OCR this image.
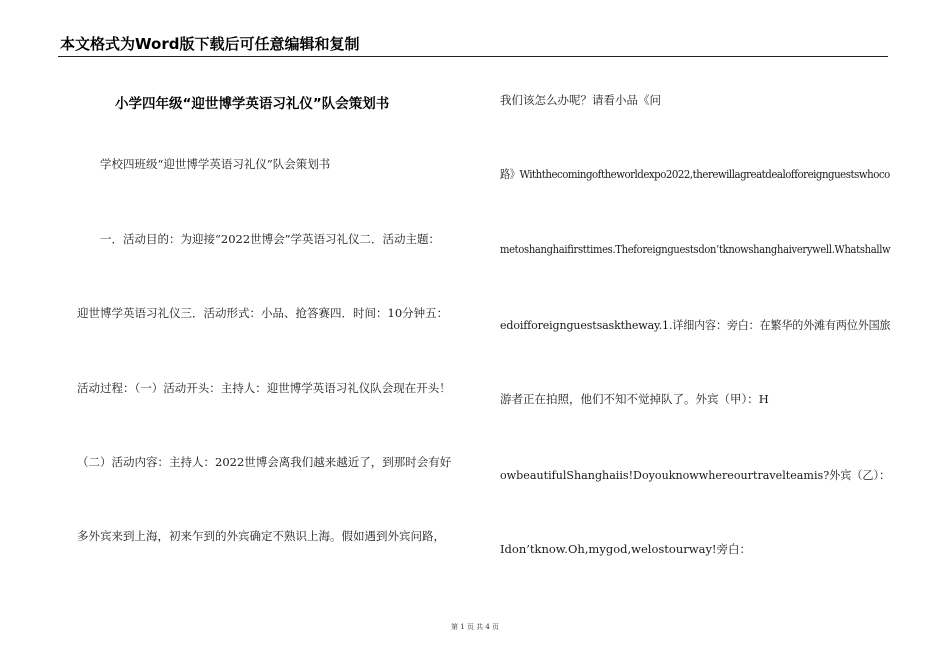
本文格式为Word版下载后可任意编辑和复制
小学四年级“迎世博学英语习礼仪”队会策划书
学校四班级“迎世博学英语习礼仪”队会策划书
一．活动目的：为迎接“2022世博会”学英语习礼仪二．活动主题：
迎世博学英语习礼仪三．活动形式：小品、抢答赛四．时间：10分钟五：
活动过程：（一）活动开头：主持人：迎世博学英语习礼仪队会现在开头！
（二）活动内容：主持人：2022世博会离我们越来越近了，到那时会有好
多外宾来到上海，初来乍到的外宾确定不熟识上海。假如遇到外宾问路，
我们该怎么办呢？请看小品《问
路》Withthecomingoftheworldexpo2022,therewillagreatdealofforeignguestswhoco
metoshanghaifirsttimes.Theforeignguestsdon’tknowshanghaiverywell.Whatshallw
edoifforeignguestsasktheway.1.详细内容：旁白：在繁华的外滩有两位外国旅
游者正在拍照，他们不知不觉掉队了。外宾（甲）：H
owbeautifulShanghaiis!Doyouknowwhereourtravelteamis?外宾（乙）：
Idon’tknow.Oh,mygod,welostourway!旁白：
第 1 页 共 4 页
